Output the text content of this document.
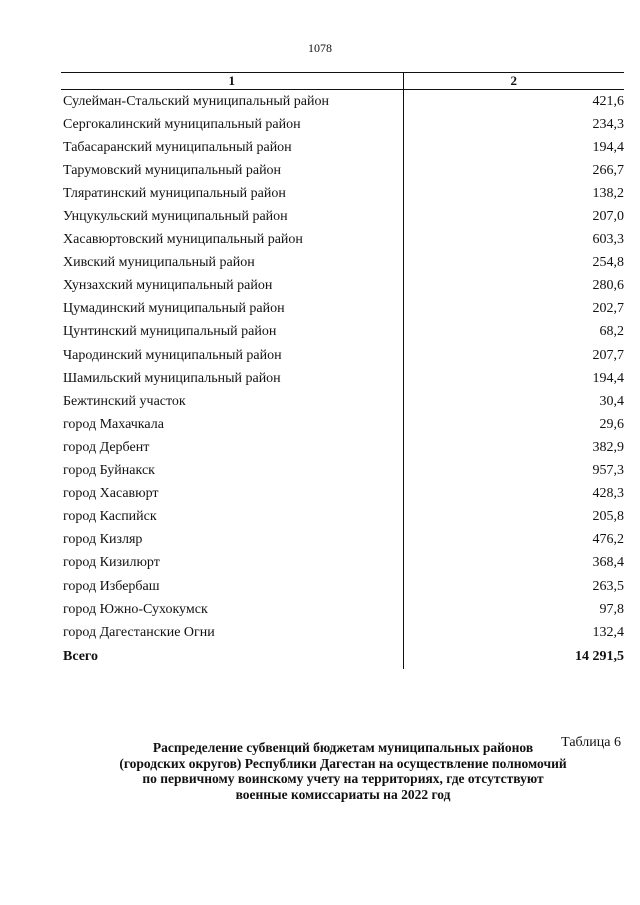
1078
1	2
Сулейман-Стальский муниципальный район	421,6
Сергокалинский муниципальный район	234,3
Табасаранский муниципальный район	194,4
Тарумовский муниципальный район	266,7
Тляратинский муниципальный район	138,2
Унцукульский муниципальный район	207,0
Хасавюртовский муниципальный район	603,3
Хивский муниципальный район	254,8
Хунзахский муниципальный район	280,6
Цумадинский муниципальный район	202,7
Цунтинский муниципальный район	68,2
Чародинский муниципальный район	207,7
Шамильский муниципальный район	194,4
Бежтинский участок	30,4
город Махачкала	29,6
город Дербент	382,9
город Буйнакск	957,3
город Хасавюрт	428,3
город Каспийск	205,8
город Кизляр	476,2
город Кизилюрт	368,4
город Избербаш	263,5
город Южно-Сухокумск	97,8
город Дагестанские Огни	132,4
Всего	14 291,5
Таблица 6
Распределение субвенций бюджетам муниципальных районов
(городских округов) Республики Дагестан на осуществление полномочий
по первичному воинскому учету на территориях, где отсутствуют
военные комиссариаты на 2022 год
